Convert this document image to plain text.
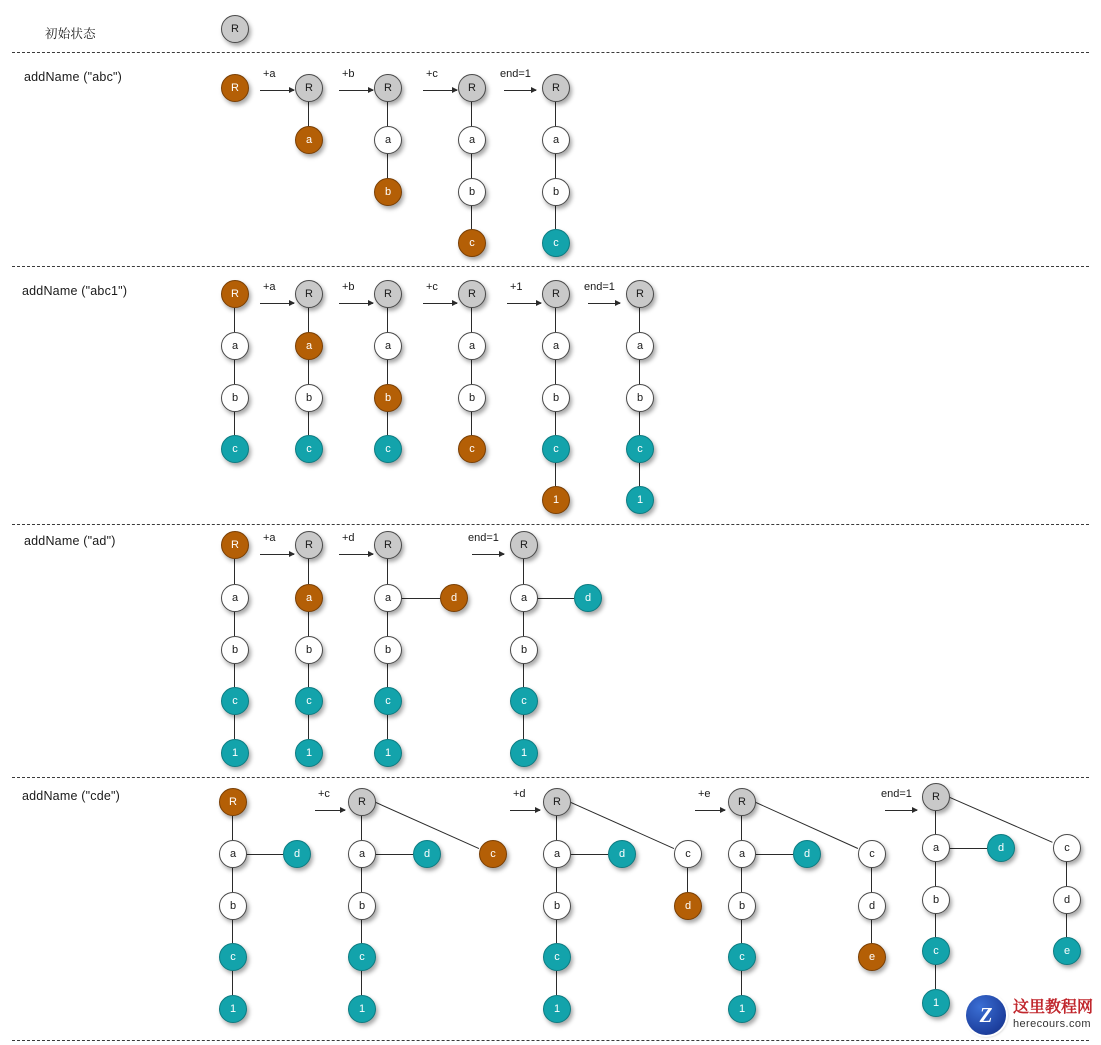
初始状态	R
addName ("abc")	+a	+b	+c	end=1
R	R
a
R
a
b
R
a
b
c
R
a
b
c
addName ("abc1")	+a	+b	+c	+1	end=1
R
a
b
c
R
a
b
c
R
a
b
c
R
a
b
c
R
a
b
c
1
R
a
b
c
1
addName ("ad")	+a	+d	end=1
R
a
b
c
1
R
a
b
c
1
R
a	d
b
c
1
R
a	d
b
c
1
addName ("cde")	+c	+d	+e	end=1
R
a	d
b
c
1
R
a	d	c
b
c
1
R
a	d	c
d
b
c
1
R
a	d	c
d
e
b
c
1
R
a	d	c
d
e
b
c
1	Z	这里教程网
herecours.com
